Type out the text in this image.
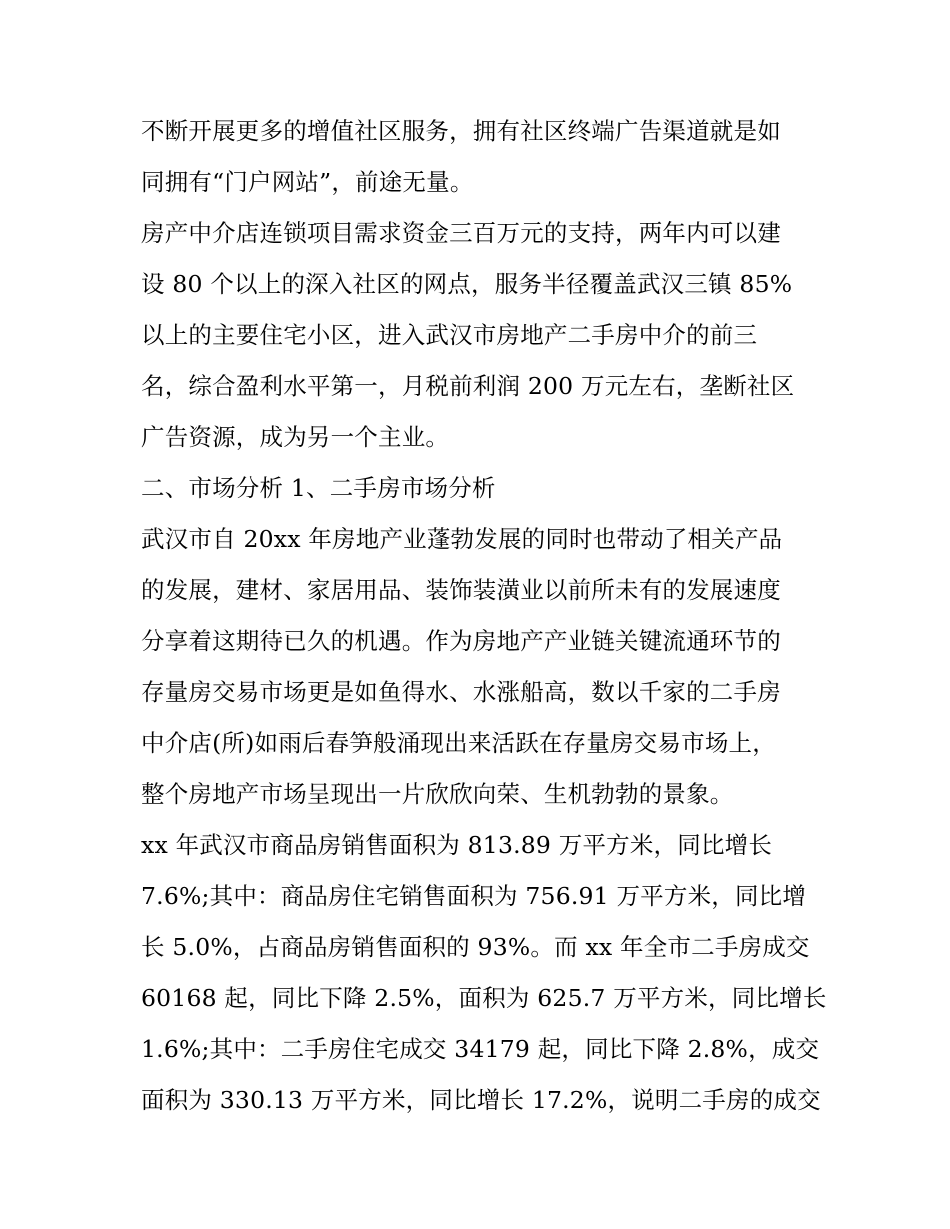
不断开展更多的增值社区服务，拥有社区终端广告渠道就是如
同拥有“门户网站”，前途无量。
房产中介店连锁项目需求资金三百万元的支持，两年内可以建
设 80 个以上的深入社区的网点，服务半径覆盖武汉三镇 85%
以上的主要住宅小区，进入武汉市房地产二手房中介的前三
名，综合盈利水平第一，月税前利润 200 万元左右，垄断社区
广告资源，成为另一个主业。
二、市场分析 1、二手房市场分析
武汉市自 20xx 年房地产业蓬勃发展的同时也带动了相关产品
的发展，建材、家居用品、装饰装潢业以前所未有的发展速度
分享着这期待已久的机遇。作为房地产产业链关键流通环节的
存量房交易市场更是如鱼得水、水涨船高，数以千家的二手房
中介店(所)如雨后春笋般涌现出来活跃在存量房交易市场上，
整个房地产市场呈现出一片欣欣向荣、生机勃勃的景象。
xx 年武汉市商品房销售面积为 813.89 万平方米，同比增长
7.6%;其中：商品房住宅销售面积为 756.91 万平方米，同比增
长 5.0%，占商品房销售面积的 93%。而 xx 年全市二手房成交
60168 起，同比下降 2.5%，面积为 625.7 万平方米，同比增长
1.6%;其中：二手房住宅成交 34179 起，同比下降 2.8%，成交
面积为 330.13 万平方米，同比增长 17.2%，说明二手房的成交
